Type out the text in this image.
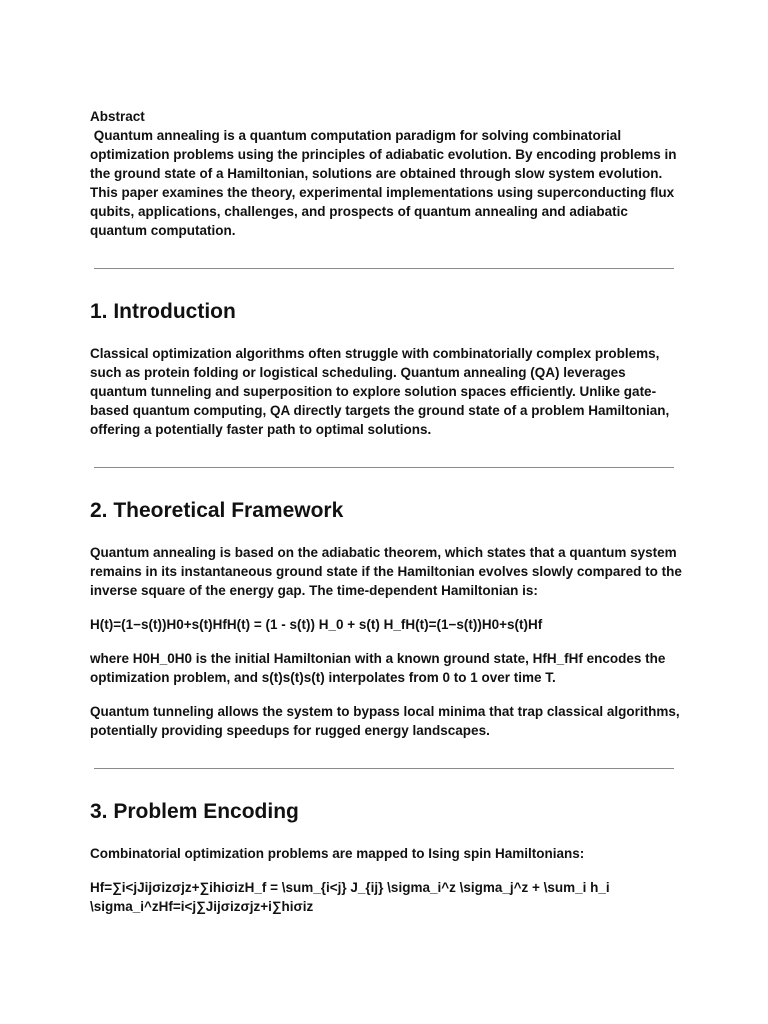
Abstract

Quantum annealing is a quantum computation paradigm for solving combinatorial optimization problems using the principles of adiabatic evolution. By encoding problems in the ground state of a Hamiltonian, solutions are obtained through slow system evolution. This paper examines the theory, experimental implementations using superconducting flux qubits, applications, challenges, and prospects of quantum annealing and adiabatic quantum computation.

1. Introduction

Classical optimization algorithms often struggle with combinatorially complex problems, such as protein folding or logistical scheduling. Quantum annealing (QA) leverages quantum tunneling and superposition to explore solution spaces efficiently. Unlike gate-based quantum computing, QA directly targets the ground state of a problem Hamiltonian, offering a potentially faster path to optimal solutions.

2. Theoretical Framework

Quantum annealing is based on the adiabatic theorem, which states that a quantum system remains in its instantaneous ground state if the Hamiltonian evolves slowly compared to the inverse square of the energy gap. The time-dependent Hamiltonian is:

H(t)=(1−s(t))H0+s(t)HfH(t) = (1 - s(t)) H_0 + s(t) H_fH(t)=(1−s(t))H0+s(t)Hf

where H0H_0H0 is the initial Hamiltonian with a known ground state, HfH_fHf encodes the optimization problem, and s(t)s(t)s(t) interpolates from 0 to 1 over time T.

Quantum tunneling allows the system to bypass local minima that trap classical algorithms, potentially providing speedups for rugged energy landscapes.

3. Problem Encoding

Combinatorial optimization problems are mapped to Ising spin Hamiltonians:

Hf=∑i<jJijσizσjz+∑ihiσizH_f = \sum_{i<j} J_{ij} \sigma_i^z \sigma_j^z + \sum_i h_i \sigma_i^zHf=i<j∑Jijσizσjz+i∑hiσiz
